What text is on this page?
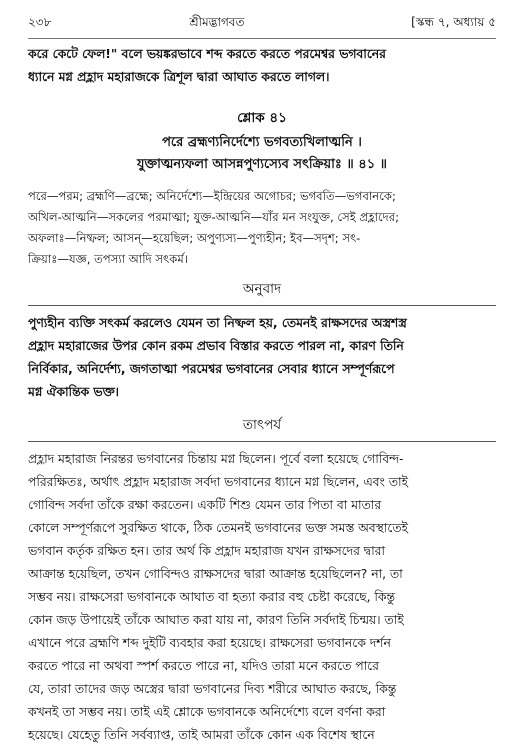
২৩৮	শ্রীমদ্ভাগবত	[স্কন্ধ ৭, অধ্যায় ৫

করে কেটে ফেল!" বলে ভয়ঙ্করভাবে শব্দ করতে করতে পরমেশ্বর ভগবানের

ধ্যানে মগ্ন প্রহ্লাদ মহারাজকে ত্রিশূল দ্বারা আঘাত করতে লাগল।

শ্লোক ৪১

পরে ব্রহ্মণ্যনির্দেশ্যে ভগবত্যখিলাত্মনি ।

যুক্তাত্মন্যফলা আসন্নপুণ্যস্যেব সৎক্রিয়াঃ ॥ ৪১ ॥

পরে—পরম; ব্রহ্মণি—ব্রহ্মে; অনির্দেশ্যে—ইন্দ্রিয়ের অগোচর; ভগবতি—ভগবানকে;

অখিল-আত্মনি—সকলের পরমাত্মা; যুক্ত-আত্মনি—যাঁর মন সংযুক্ত, সেই প্রহ্লাদের;

অফলাঃ—নিষ্ফল; আসন্—হয়েছিল; অপুণ্যস্য—পুণ্যহীন; ইব—সদৃশ; সৎ-

ক্রিয়াঃ—যজ্ঞ, তপস্যা আদি সৎকর্ম।

অনুবাদ

পুণ্যহীন ব্যক্তি সৎকর্ম করলেও যেমন তা নিষ্ফল হয়, তেমনই রাক্ষসদের অস্ত্রশস্ত্র

প্রহ্লাদ মহারাজের উপর কোন রকম প্রভাব বিস্তার করতে পারল না, কারণ তিনি

নির্বিকার, অনির্দেশ্য, জগতাত্মা পরমেশ্বর ভগবানের সেবার ধ্যানে সম্পূর্ণরূপে

মগ্ন ঐকান্তিক ভক্ত।

তাৎপর্য

প্রহ্লাদ মহারাজ নিরন্তর ভগবানের চিন্তায় মগ্ন ছিলেন। পূর্বে বলা হয়েছে গোবিন্দ-

পরিরক্ষিতঃ, অর্থাৎ প্রহ্লাদ মহারাজ সর্বদা ভগবানের ধ্যানে মগ্ন ছিলেন, এবং তাই

গোবিন্দ সর্বদা তাঁকে রক্ষা করতেন। একটি শিশু যেমন তার পিতা বা মাতার

কোলে সম্পূর্ণরূপে সুরক্ষিত থাকে, ঠিক তেমনই ভগবানের ভক্ত সমস্ত অবস্থাতেই

ভগবান কর্তৃক রক্ষিত হন। তার অর্থ কি প্রহ্লাদ মহারাজ যখন রাক্ষসদের দ্বারা

আক্রান্ত হয়েছিল, তখন গোবিন্দও রাক্ষসদের দ্বারা আক্রান্ত হয়েছিলেন? না, তা

সম্ভব নয়। রাক্ষসেরা ভগবানকে আঘাত বা হত্যা করার বহু চেষ্টা করেছে, কিন্তু

কোন জড় উপায়েই তাঁকে আঘাত করা যায় না, কারণ তিনি সর্বদাই চিন্ময়। তাই

এখানে পরে ব্রহ্মণি শব্দ দুইটি ব্যবহার করা হয়েছে। রাক্ষসেরা ভগবানকে দর্শন

করতে পারে না অথবা স্পর্শ করতে পারে না, যদিও তারা মনে করতে পারে

যে, তারা তাদের জড় অস্ত্রের দ্বারা ভগবানের দিব্য শরীরে আঘাত করছে, কিন্তু

কখনই তা সম্ভব নয়। তাই এই শ্লোকে ভগবানকে অনির্দেশ্যে বলে বর্ণনা করা

হয়েছে। যেহেতু তিনি সর্বব্যাপ্ত, তাই আমরা তাঁকে কোন এক বিশেষ স্থানে
